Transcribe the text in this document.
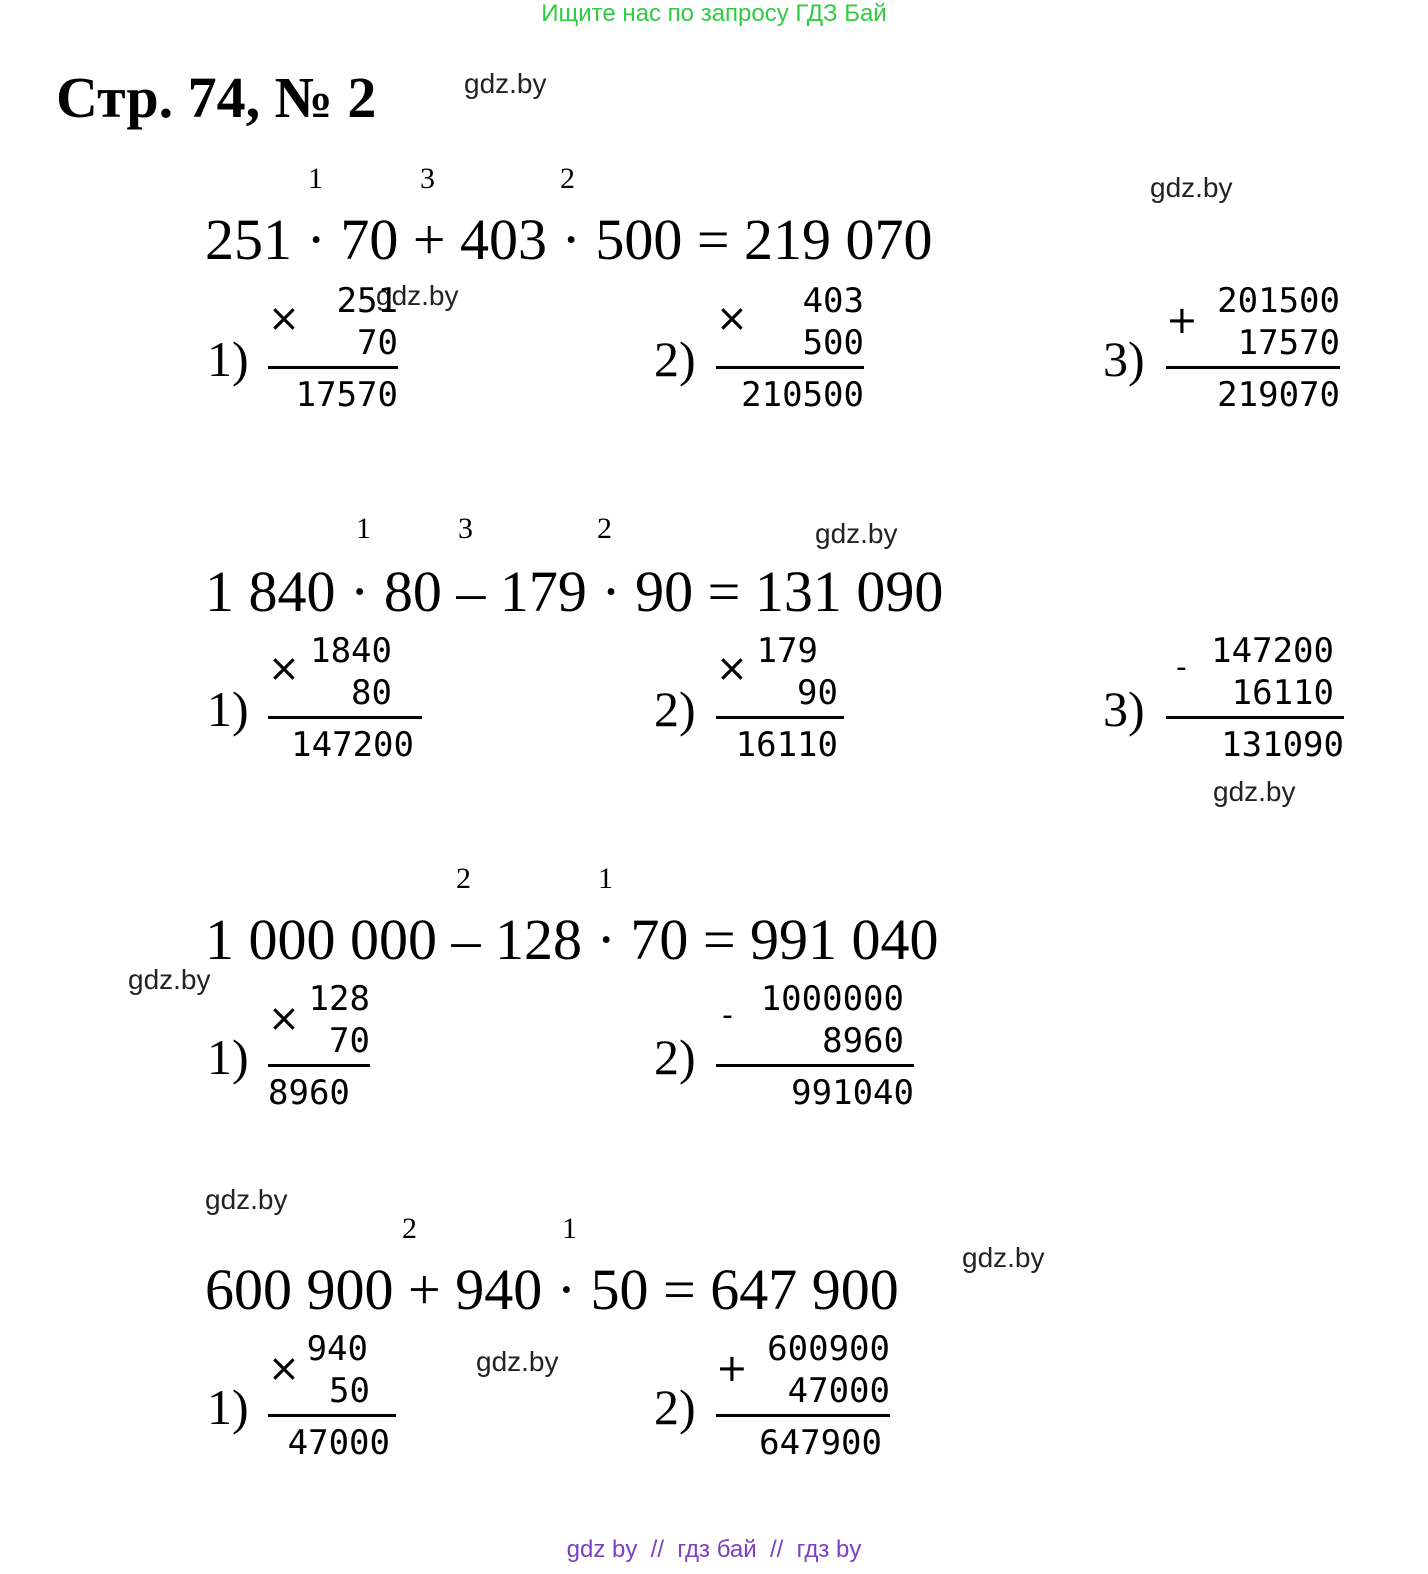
Ищите нас по запросу ГДЗ Бай
Стр. 74, № 2
gdz by  //  гдз бай  //  гдз by
gdz.by
gdz.by
gdz.by
gdz.by
gdz.by
gdz.by
gdz.by
gdz.by
gdz.by
1	3	2
251 · 70 + 403 · 500 = 219 070
1)
×	251
70
17570
2)
×	403
500
210500
3)
+ 201500
17570
219070
1	3	2
1 840 · 80 – 179 · 90 = 131 090
1)
× 1840
80
147200
2)
× 179
90
16110
3)
- 147200
16110
131090
2	1
1 000 000 – 128 · 70 = 991 040
1)
× 128
70
8960
2)
- 1000000
8960
991040
2	1
600 900 + 940 · 50 = 647 900
1)
× 940
50
47000
2)
+ 600900
47000
647900
